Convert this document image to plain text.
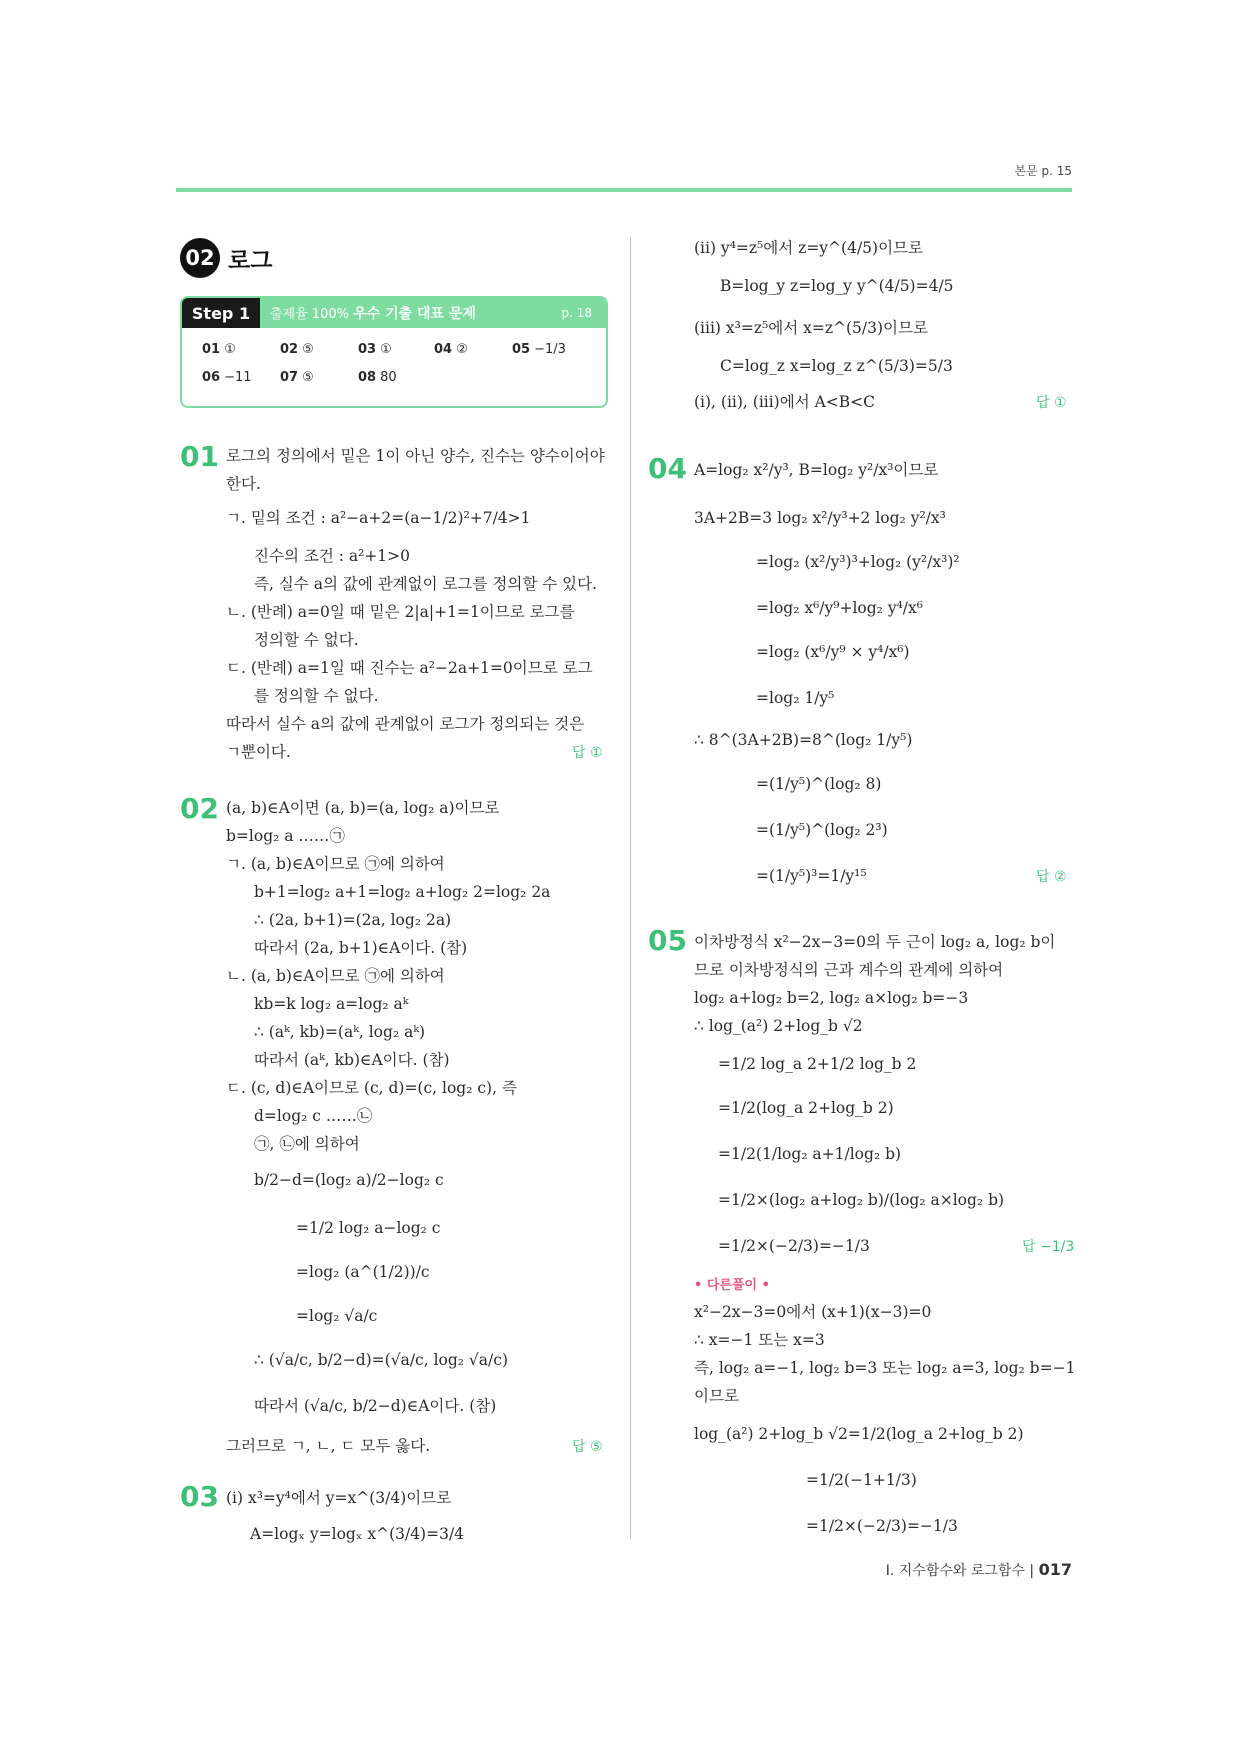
본문 p. 15
02 로그
Step 1	출제율 100% 우수 기출 대표 문제	p. 18
01 ①	02 ⑤	03 ①	04 ②	05 −1/3
06 −11 07 ⑤	08 80
01 로그의 정의에서 밑은 1이 아닌 양수, 진수는 양수이어야
한다.
ㄱ. 밑의 조건 : a²−a+2=(a−1/2)²+7/4>1
진수의 조건 : a²+1>0
즉, 실수 a의 값에 관계없이 로그를 정의할 수 있다.
ㄴ. (반례) a=0일 때 밑은 2|a|+1=1이므로 로그를
정의할 수 없다.
ㄷ. (반례) a=1일 때 진수는 a²−2a+1=0이므로 로그
를 정의할 수 없다.
따라서 실수 a의 값에 관계없이 로그가 정의되는 것은
ㄱ뿐이다.	답 ①
02 (a, b)∈A이면 (a, b)=(a, log₂ a)이므로
b=log₂ a ……㉠
ㄱ. (a, b)∈A이므로 ㉠에 의하여
b+1=log₂ a+1=log₂ a+log₂ 2=log₂ 2a
∴ (2a, b+1)=(2a, log₂ 2a)
따라서 (2a, b+1)∈A이다. (참)
ㄴ. (a, b)∈A이므로 ㉠에 의하여
kb=k log₂ a=log₂ aᵏ
∴ (aᵏ, kb)=(aᵏ, log₂ aᵏ)
따라서 (aᵏ, kb)∈A이다. (참)
ㄷ. (c, d)∈A이므로 (c, d)=(c, log₂ c), 즉
d=log₂ c ……㉡
㉠, ㉡에 의하여
b/2−d=(log₂ a)/2−log₂ c
=1/2 log₂ a−log₂ c
=log₂ (a^(1/2))/c
=log₂ √a/c
∴ (√a/c, b/2−d)=(√a/c, log₂ √a/c)
따라서 (√a/c, b/2−d)∈A이다. (참)
그러므로 ㄱ, ㄴ, ㄷ 모두 옳다.	답 ⑤
03 (i) x³=y⁴에서 y=x^(3/4)이므로
A=logₓ y=logₓ x^(3/4)=3/4
(ii) y⁴=z⁵에서 z=y^(4/5)이므로
B=log_y z=log_y y^(4/5)=4/5
(iii) x³=z⁵에서 x=z^(5/3)이므로
C=log_z x=log_z z^(5/3)=5/3
(i), (ii), (iii)에서 A<B<C	답 ①
04 A=log₂ x²/y³, B=log₂ y²/x³이므로
3A+2B=3 log₂ x²/y³+2 log₂ y²/x³
=log₂ (x²/y³)³+log₂ (y²/x³)²
=log₂ x⁶/y⁹+log₂ y⁴/x⁶
=log₂ (x⁶/y⁹ × y⁴/x⁶)
=log₂ 1/y⁵
∴ 8^(3A+2B)=8^(log₂ 1/y⁵)
=(1/y⁵)^(log₂ 8)
=(1/y⁵)^(log₂ 2³)
=(1/y⁵)³=1/y¹⁵	답 ②
05 이차방정식 x²−2x−3=0의 두 근이 log₂ a, log₂ b이
므로 이차방정식의 근과 계수의 관계에 의하여
log₂ a+log₂ b=2, log₂ a×log₂ b=−3
∴ log_(a²) 2+log_b √2
=1/2 log_a 2+1/2 log_b 2
=1/2(log_a 2+log_b 2)
=1/2(1/log₂ a+1/log₂ b)
=1/2×(log₂ a+log₂ b)/(log₂ a×log₂ b)
=1/2×(−2/3)=−1/3	답 −1/3
• 다른풀이 •
x²−2x−3=0에서 (x+1)(x−3)=0
∴ x=−1 또는 x=3
즉, log₂ a=−1, log₂ b=3 또는 log₂ a=3, log₂ b=−1
이므로
log_(a²) 2+log_b √2=1/2(log_a 2+log_b 2)
=1/2(−1+1/3)
=1/2×(−2/3)=−1/3
Ⅰ. 지수함수와 로그함수 | 017
